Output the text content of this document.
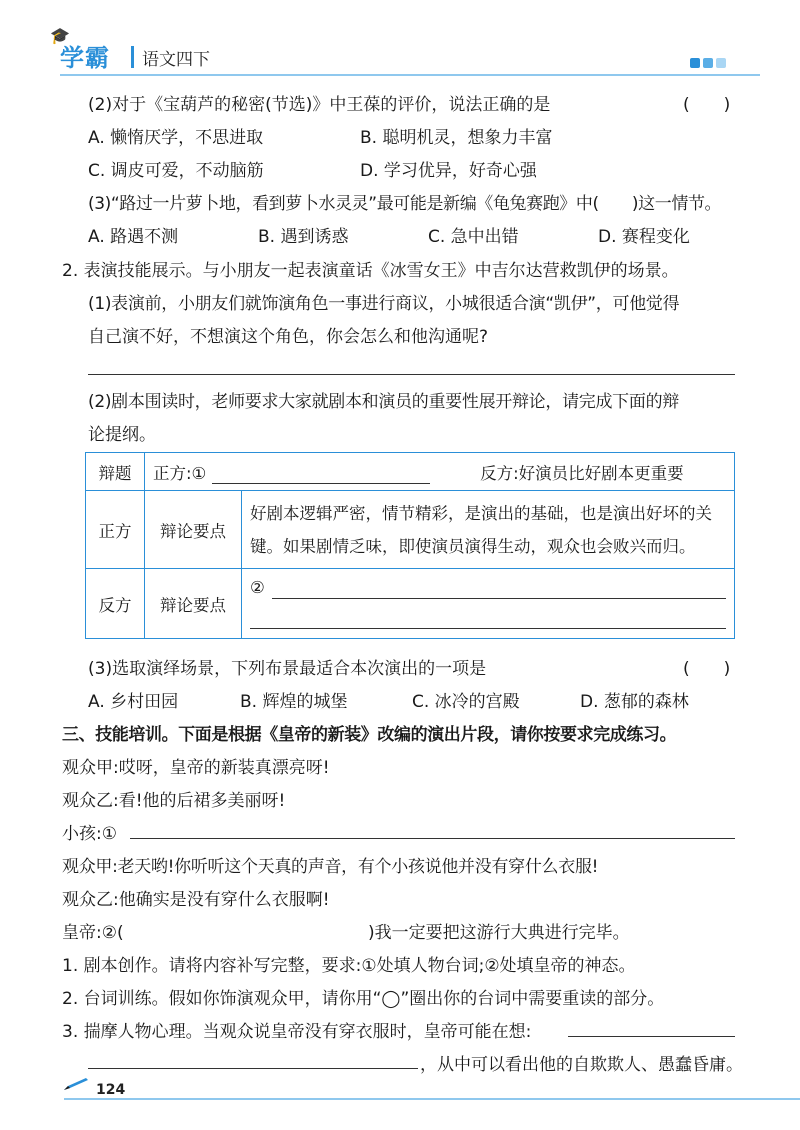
🎓
学霸 语文四下
(2)对于《宝葫芦的秘密(节选)》中王葆的评价，说法正确的是	(　　)
A. 懒惰厌学，不思进取	B. 聪明机灵，想象力丰富
C. 调皮可爱，不动脑筋	D. 学习优异，好奇心强
(3)“路过一片萝卜地，看到萝卜水灵灵”最可能是新编《龟兔赛跑》中(　　)这一情节。
A. 路遇不测	B. 遇到诱惑	C. 急中出错	D. 赛程变化
2. 表演技能展示。与小朋友一起表演童话《冰雪女王》中吉尔达营救凯伊的场景。
(1)表演前，小朋友们就饰演角色一事进行商议，小城很适合演“凯伊”，可他觉得
自己演不好，不想演这个角色，你会怎么和他沟通呢?
(2)剧本围读时，老师要求大家就剧本和演员的重要性展开辩论，请完成下面的辩
论提纲。
辩题	正方:① 反方:好演员比好剧本更重要	
正方	辩论要点	好剧本逻辑严密，情节精彩，是演出的基础，也是演出好坏的关
键。如果剧情乏味，即使演员演得生动，观众也会败兴而归。

反方	辩论要点	②
(3)选取演绎场景，下列布景最适合本次演出的一项是	(　　)
A. 乡村田园	B. 辉煌的城堡	C. 冰冷的宫殿	D. 葱郁的森林
三、技能培训。下面是根据《皇帝的新装》改编的演出片段，请你按要求完成练习。
观众甲:哎呀，皇帝的新装真漂亮呀!
观众乙:看!他的后裙多美丽呀!
小孩:①
观众甲:老天哟!你听听这个天真的声音，有个小孩说他并没有穿什么衣服!
观众乙:他确实是没有穿什么衣服啊!
皇帝:②(	)我一定要把这游行大典进行完毕。
1. 剧本创作。请将内容补写完整，要求:①处填人物台词;②处填皇帝的神态。
2. 台词训练。假如你饰演观众甲，请你用“◯”圈出你的台词中需要重读的部分。
3. 揣摩人物心理。当观众说皇帝没有穿衣服时，皇帝可能在想:
，从中可以看出他的自欺欺人、愚蠢昏庸。
124
